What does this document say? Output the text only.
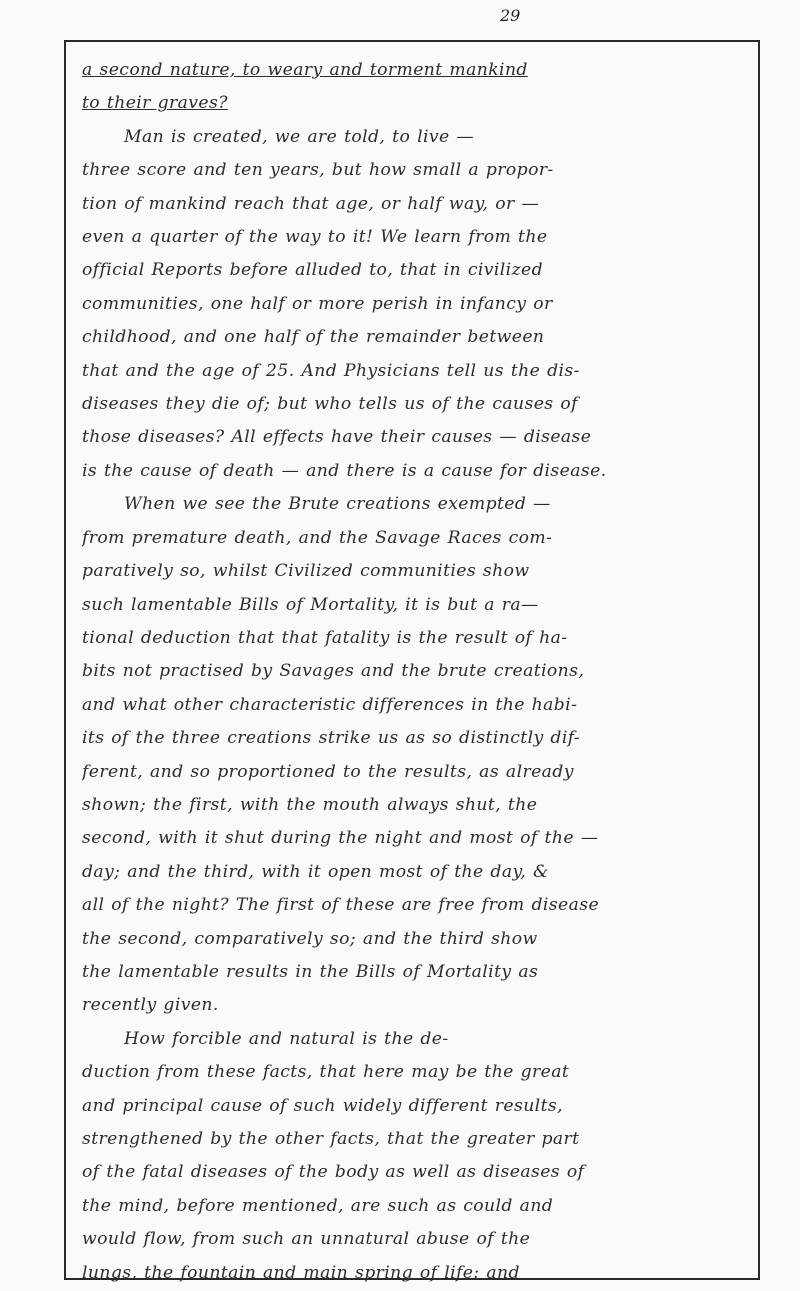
29
a second nature, to weary and torment mankind
to their graves?
Man is created, we are told, to live —
three score and ten years, but how small a propor-
tion of mankind reach that age, or half way, or —
even a quarter of the way to it! We learn from the
official Reports before alluded to, that in civilized
communities, one half or more perish in infancy or
childhood, and one half of the remainder between
that and the age of 25. And Physicians tell us the dis-
diseases they die of; but who tells us of the causes of
those diseases? All effects have their causes — disease
is the cause of death — and there is a cause for disease.
When we see the Brute creations exempted —
from premature death, and the Savage Races com-
paratively so, whilst Civilized communities show
such lamentable Bills of Mortality, it is but a ra—
tional deduction that that fatality is the result of ha-
bits not practised by Savages and the brute creations,
and what other characteristic differences in the habi-
its of the three creations strike us as so distinctly dif-
ferent, and so proportioned to the results, as already
shown; the first, with the mouth always shut, the
second, with it shut during the night and most of the —
day; and the third, with it open most of the day, &
all of the night? The first of these are free from disease
the second, comparatively so; and the third show
the lamentable results in the Bills of Mortality as
recently given.
How forcible and natural is the de-
duction from these facts, that here may be the great
and principal cause of such widely different results,
strengthened by the other facts, that the greater part
of the fatal diseases of the body as well as diseases of
the mind, before mentioned, are such as could and
would flow, from such an unnatural abuse of the
lungs, the fountain and main spring of life: and
